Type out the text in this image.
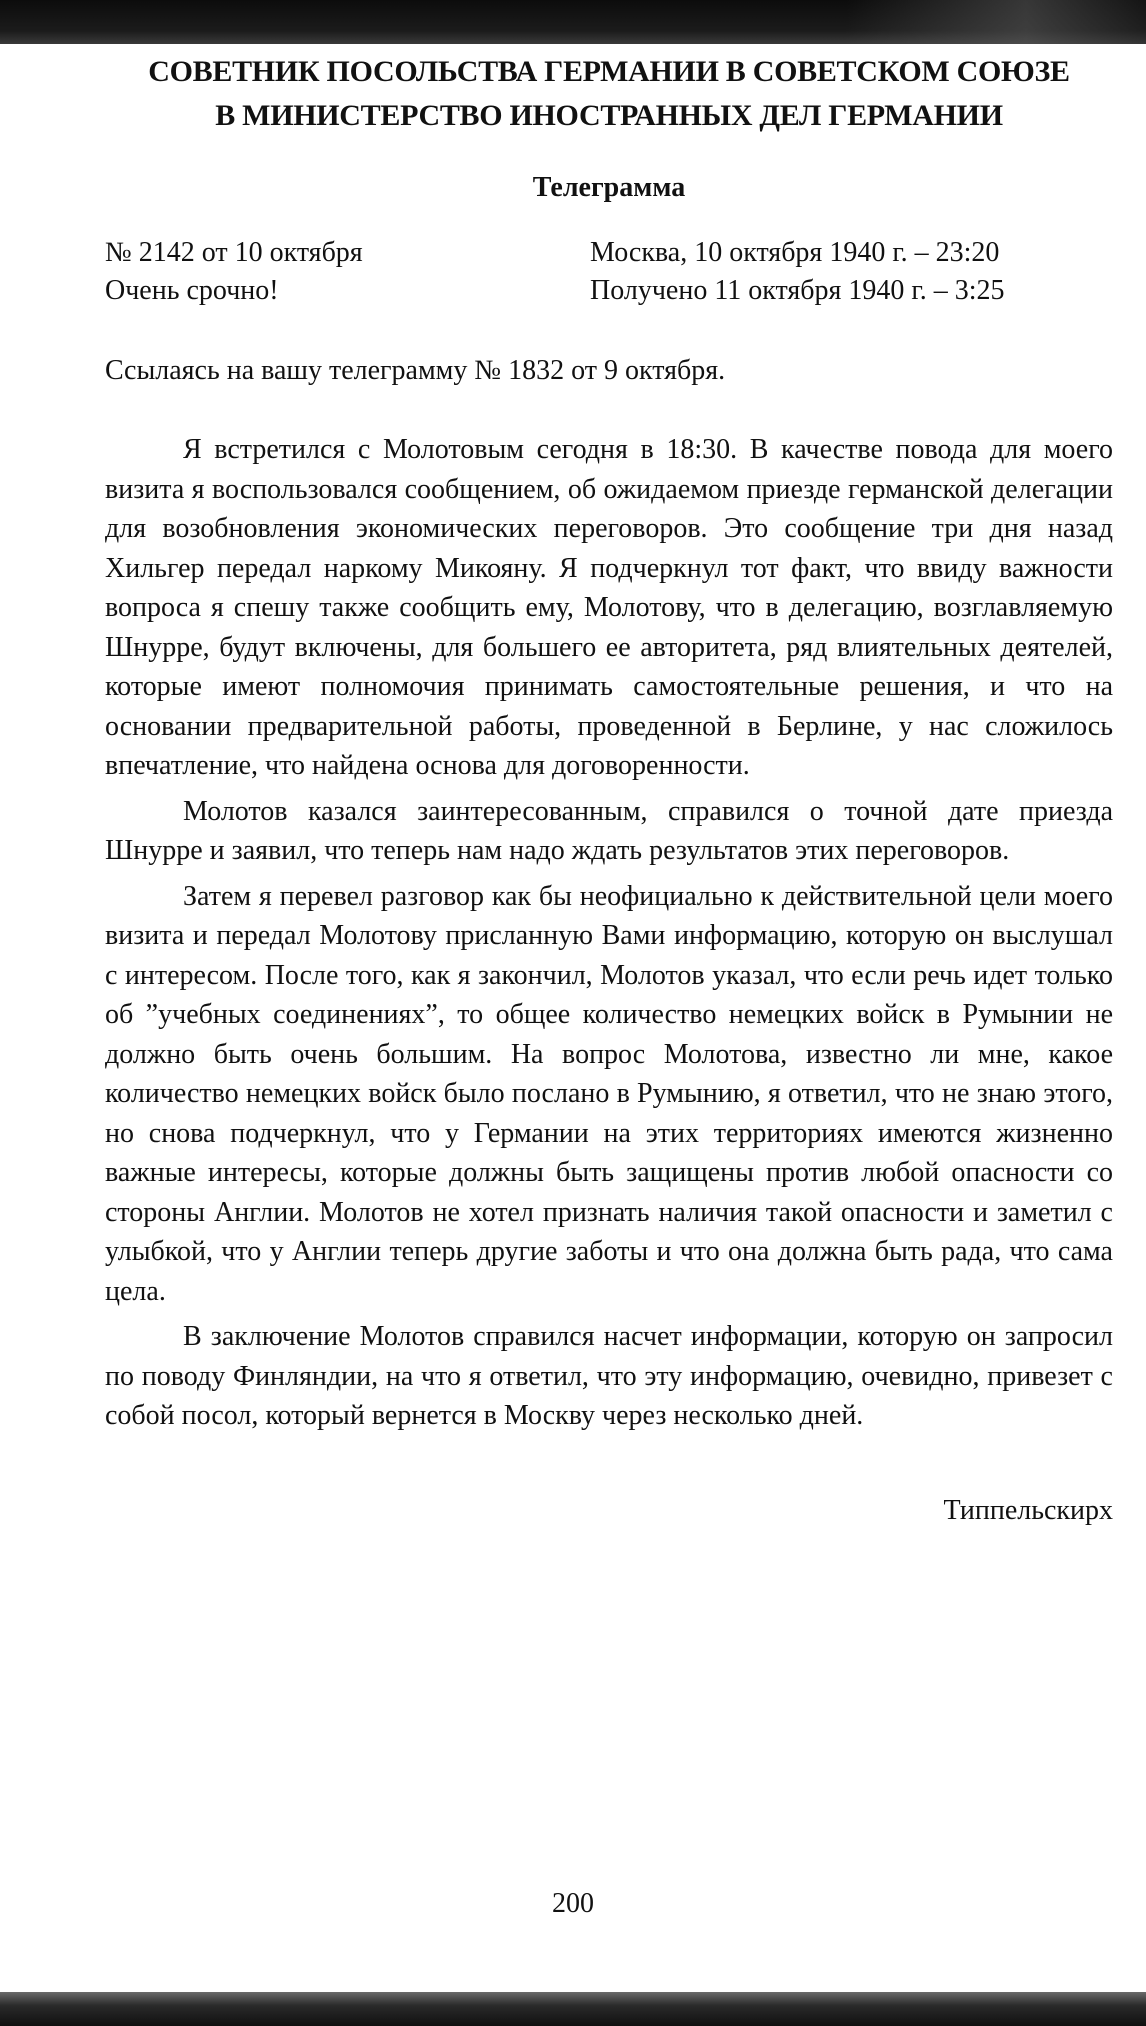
СОВЕТНИК ПОСОЛЬСТВА ГЕРМАНИИ В СОВЕТСКОМ СОЮЗЕ
В МИНИСТЕРСТВО ИНОСТРАННЫХ ДЕЛ ГЕРМАНИИ
Телеграмма
№ 2142 от 10 октября	Москва, 10 октября 1940 г. – 23:20
Очень срочно!	Получено 11 октября 1940 г. – 3:25
Ссылаясь на вашу телеграмму № 1832 от 9 октября.

Я встретился с Молотовым сегодня в 18:30. В качестве повода для моего визита я воспользовался сообщением, об ожидаемом приезде германской делегации для возобновления экономических переговоров. Это сообщение три дня назад Хильгер передал наркому Микояну. Я подчеркнул тот факт, что ввиду важности вопроса я спешу также сообщить ему, Молотову, что в делегацию, возглавляемую Шнурре, будут включены, для большего ее авторитета, ряд влиятельных деятелей, которые имеют полномочия принимать самостоятельные решения, и что на основании предварительной работы, проведенной в Берлине, у нас сложилось впечатление, что найдена основа для договоренности.

Молотов казался заинтересованным, справился о точной дате приезда Шнурре и заявил, что теперь нам надо ждать результатов этих переговоров.

Затем я перевел разговор как бы неофициально к действительной цели моего визита и передал Молотову присланную Вами информацию, которую он выслушал с интересом. После того, как я закончил, Молотов указал, что если речь идет только об ”учебных соединениях”, то общее количество немецких войск в Румынии не должно быть очень большим. На вопрос Молотова, известно ли мне, какое количество немецких войск было послано в Румынию, я ответил, что не знаю этого, но снова подчеркнул, что у Германии на этих территориях имеются жизненно важные интересы, которые должны быть защищены против любой опасности со стороны Англии. Молотов не хотел признать наличия такой опасности и заметил с улыбкой, что у Англии теперь другие заботы и что она должна быть рада, что сама цела.

В заключение Молотов справился насчет информации, которую он запросил по поводу Финляндии, на что я ответил, что эту информацию, очевидно, привезет с собой посол, который вернется в Москву через несколько дней.

Типпельскирх
200
